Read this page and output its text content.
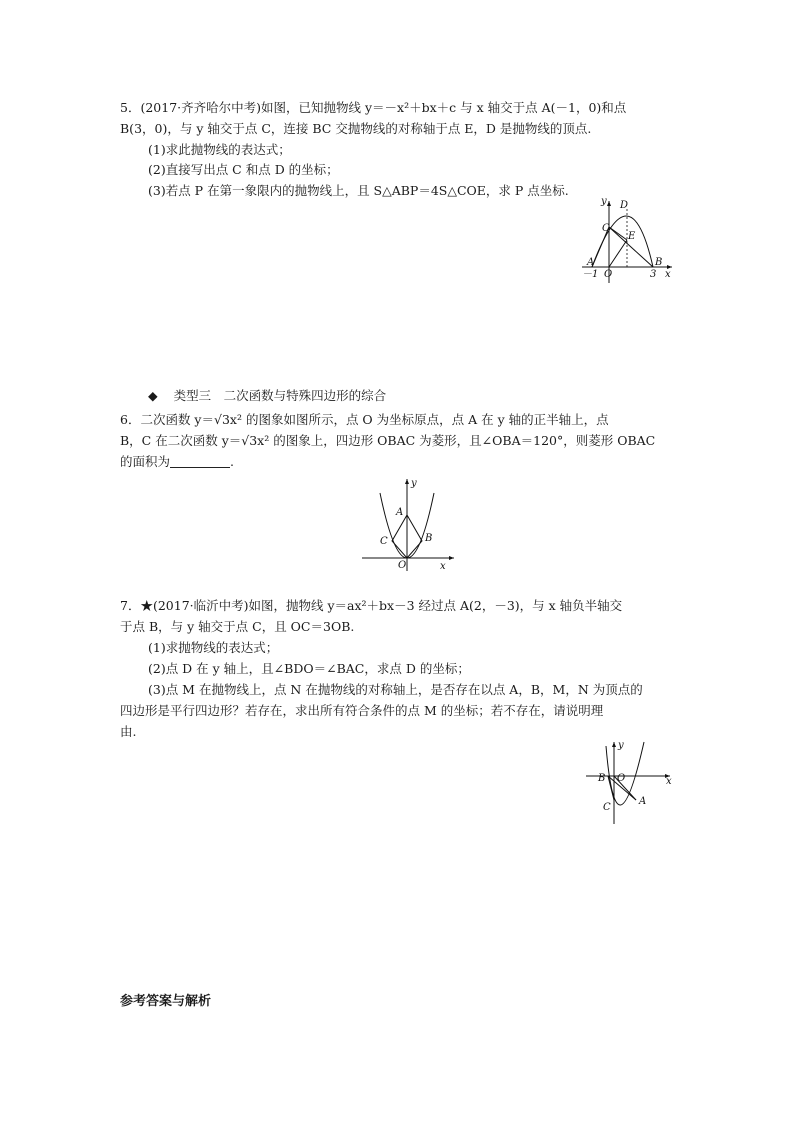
5．(2017·齐齐哈尔中考)如图，已知抛物线 y＝－x²＋bx＋c 与 x 轴交于点 A(－1，0)和点
B(3，0)，与 y 轴交于点 C，连接 BC 交抛物线的对称轴于点 E，D 是抛物线的顶点.
(1)求此抛物线的表达式；
(2)直接写出点 C 和点 D 的坐标；
(3)若点 P 在第一象限内的抛物线上，且 S△ABP＝4S△COE，求 P 点坐标.
D
y
C
E
A	B
－1 O	3 x
◆ 类型三　二次函数与特殊四边形的综合
6．二次函数 y＝√3x² 的图象如图所示，点 O 为坐标原点，点 A 在 y 轴的正半轴上，点
B，C 在二次函数 y＝√3x² 的图象上，四边形 OBAC 为菱形，且∠OBA＝120°，则菱形 OBAC
的面积为	.
y
A
C	B
O	x
7．★(2017·临沂中考)如图，抛物线 y＝ax²＋bx－3 经过点 A(2，－3)，与 x 轴负半轴交
于点 B，与 y 轴交于点 C，且 OC＝3OB.
(1)求抛物线的表达式；
(2)点 D 在 y 轴上，且∠BDO＝∠BAC，求点 D 的坐标；
(3)点 M 在抛物线上，点 N 在抛物线的对称轴上，是否存在以点 A，B，M，N 为顶点的
四边形是平行四边形？若存在，求出所有符合条件的点 M 的坐标；若不存在，请说明理
由.
y
B O	x
C
A
参考答案与解析
